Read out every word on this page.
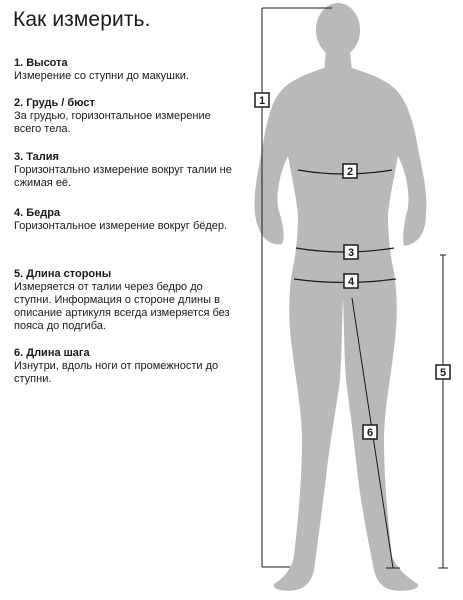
Как измерить.
1. Высота
Измерение со ступни до макушки.
2. Грудь / бюст
За грудью, горизонтальное измерение всего тела.
3. Талия
Горизонтально измерение вокруг талии не сжимая её.
4. Бедра
Горизонтальное измерение вокруг бёдер.
5. Длина стороны
Измеряется от талии через бедро до ступни. Информация о стороне длины в описание артикуля всегда измеряется без пояса до подгиба.
6. Длина шага
Изнутри, вдоль ноги от промежности до ступни.
1
2
3
4
5
6
